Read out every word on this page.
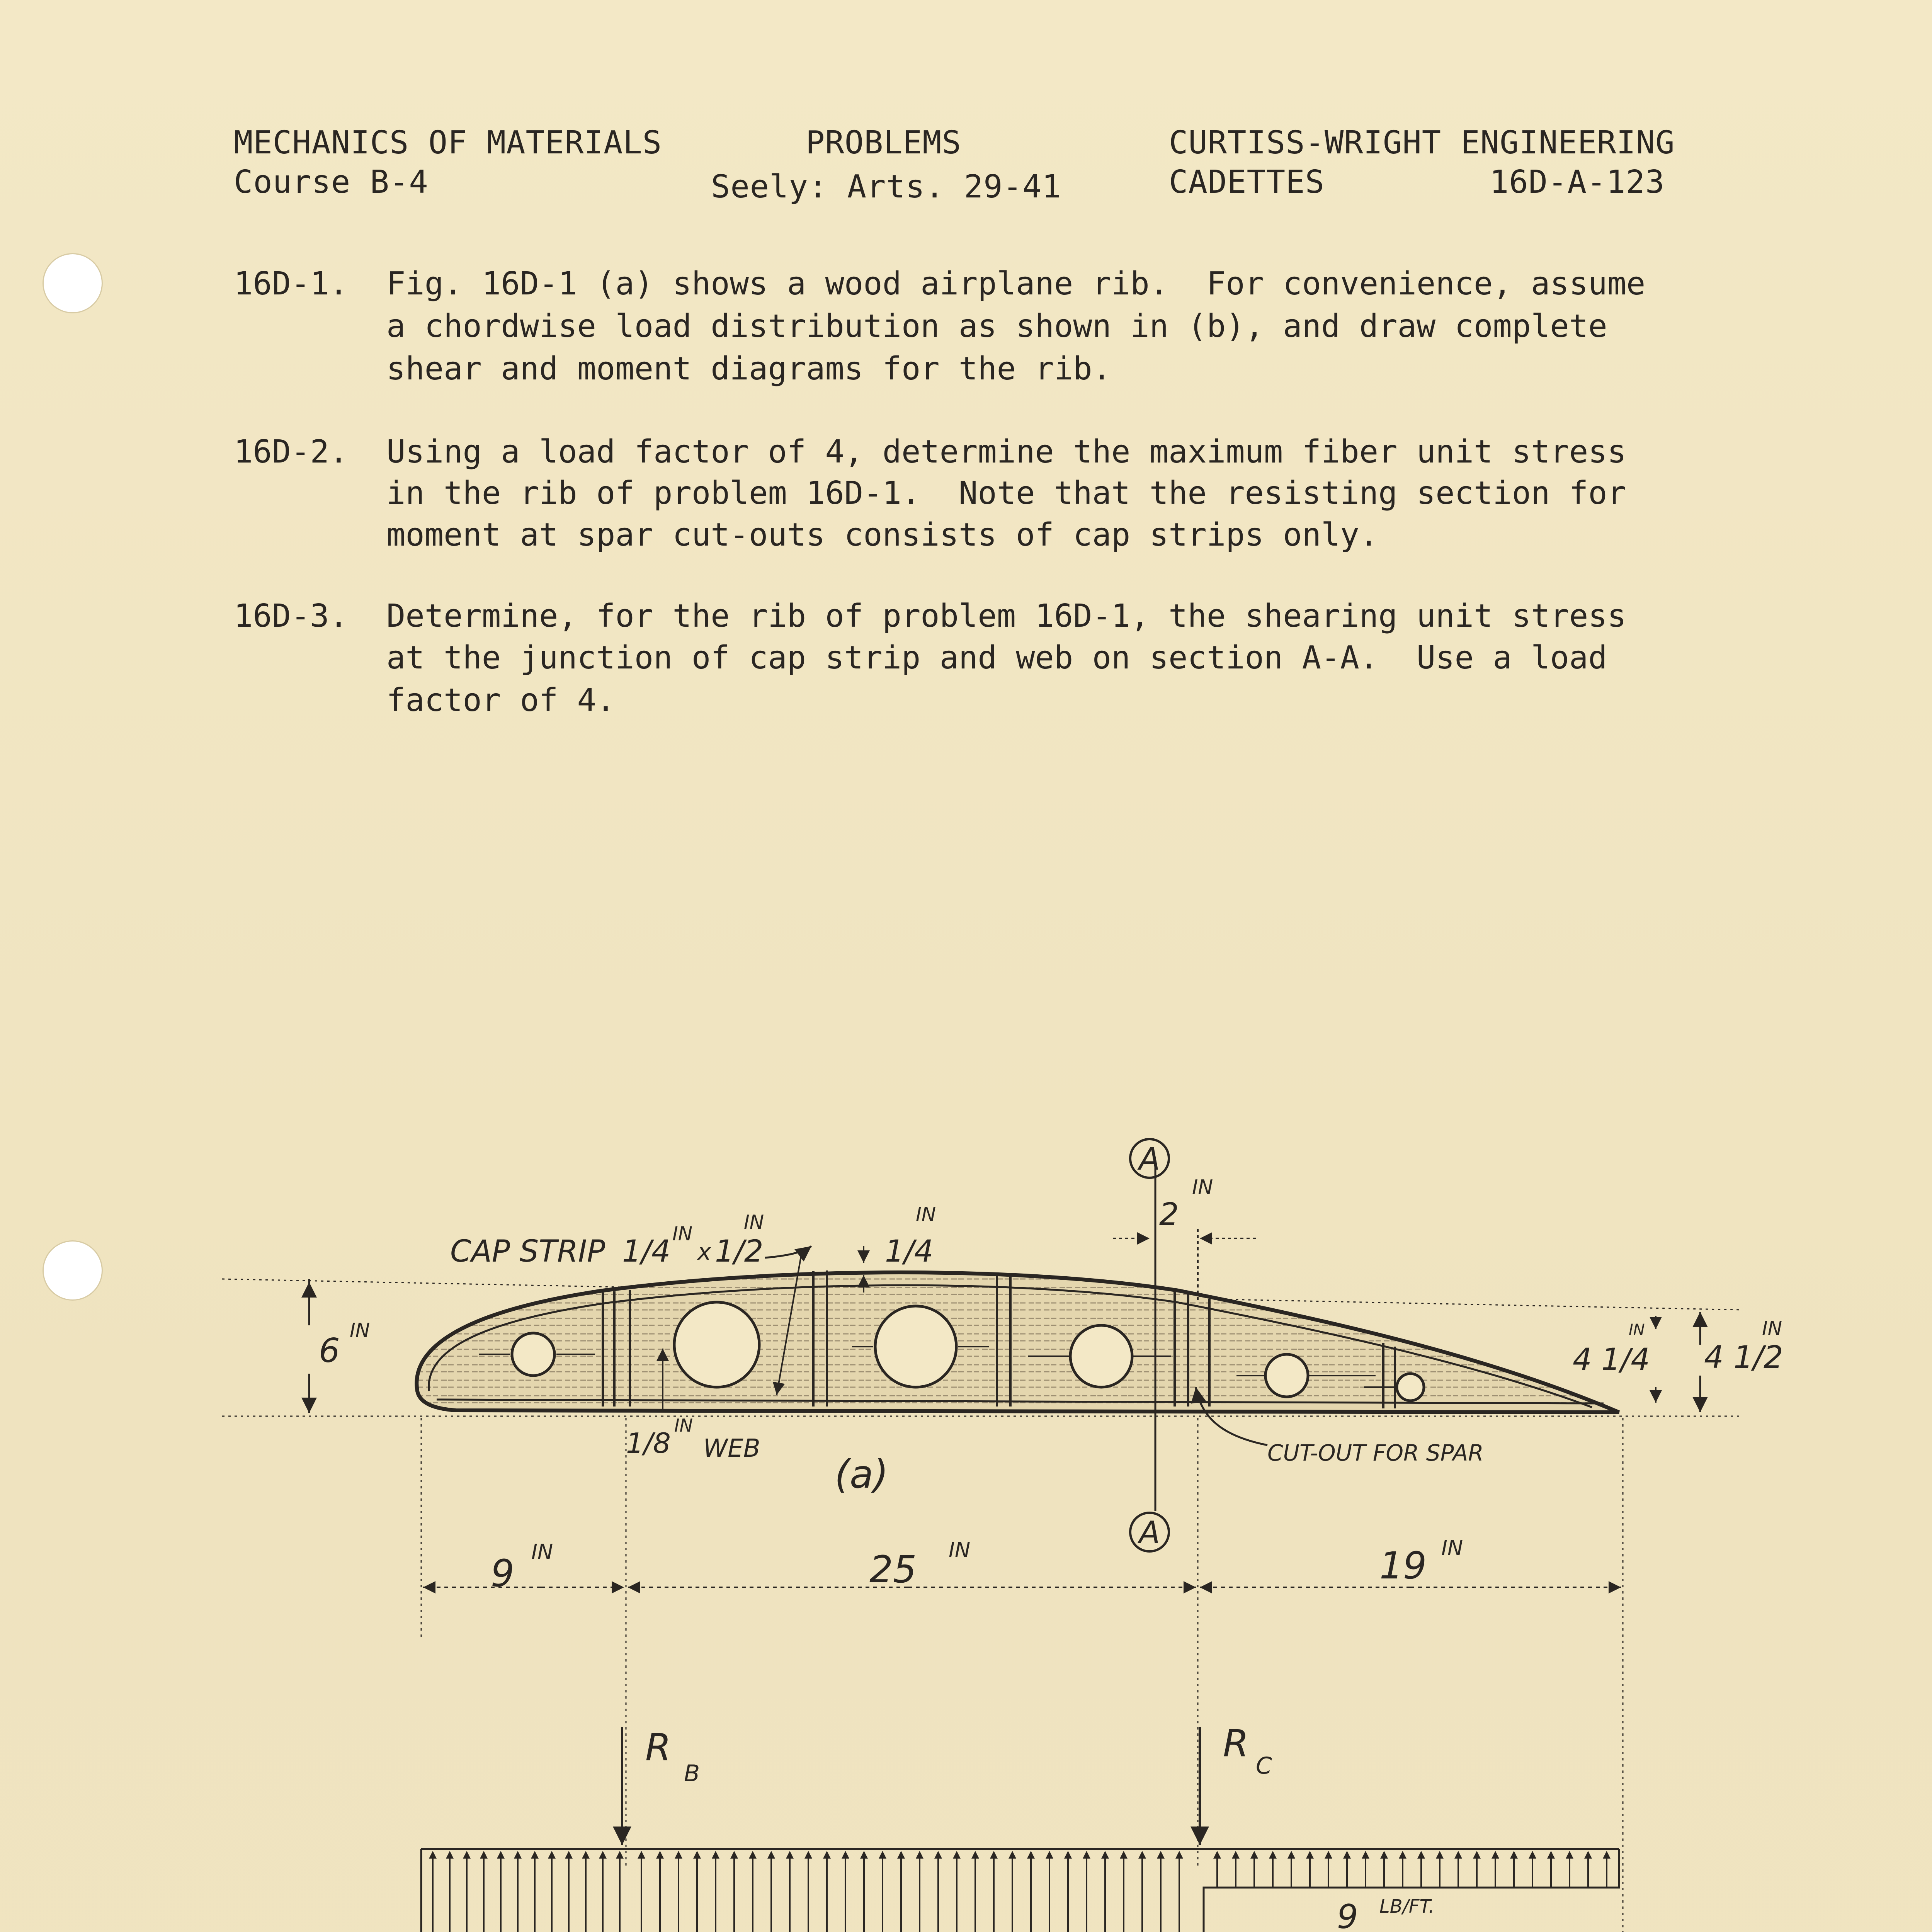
MECHANICS OF MATERIALS
Course B-4
PROBLEMS
Seely: Arts. 29-41
CURTISS-WRIGHT ENGINEERING
CADETTES	16D-A-123
16D-1. Fig. 16D-1 (a) shows a wood airplane rib.  For convenience, assume
a chordwise load distribution as shown in (b), and draw complete
shear and moment diagrams for the rib.
16D-2. Using a load factor of 4, determine the maximum fiber unit stress
in the rib of problem 16D-1.  Note that the resisting section for
moment at spar cut-outs consists of cap strips only.
16D-3. Determine, for the rib of problem 16D-1, the shearing unit stress
at the junction of cap strip and web on section A-A.  Use a load
factor of 4.
A
A
2
IN
CAP STRIP 1/4
IN
x 1/2
IN
1/4
IN
6
IN
4 1/4
IN
4 1/2
IN
1/8
IN
WEB
(a)	CUT-OUT FOR SPAR
9 IN	25 IN	19 IN
R
B
R
C
9 LB/FT.
